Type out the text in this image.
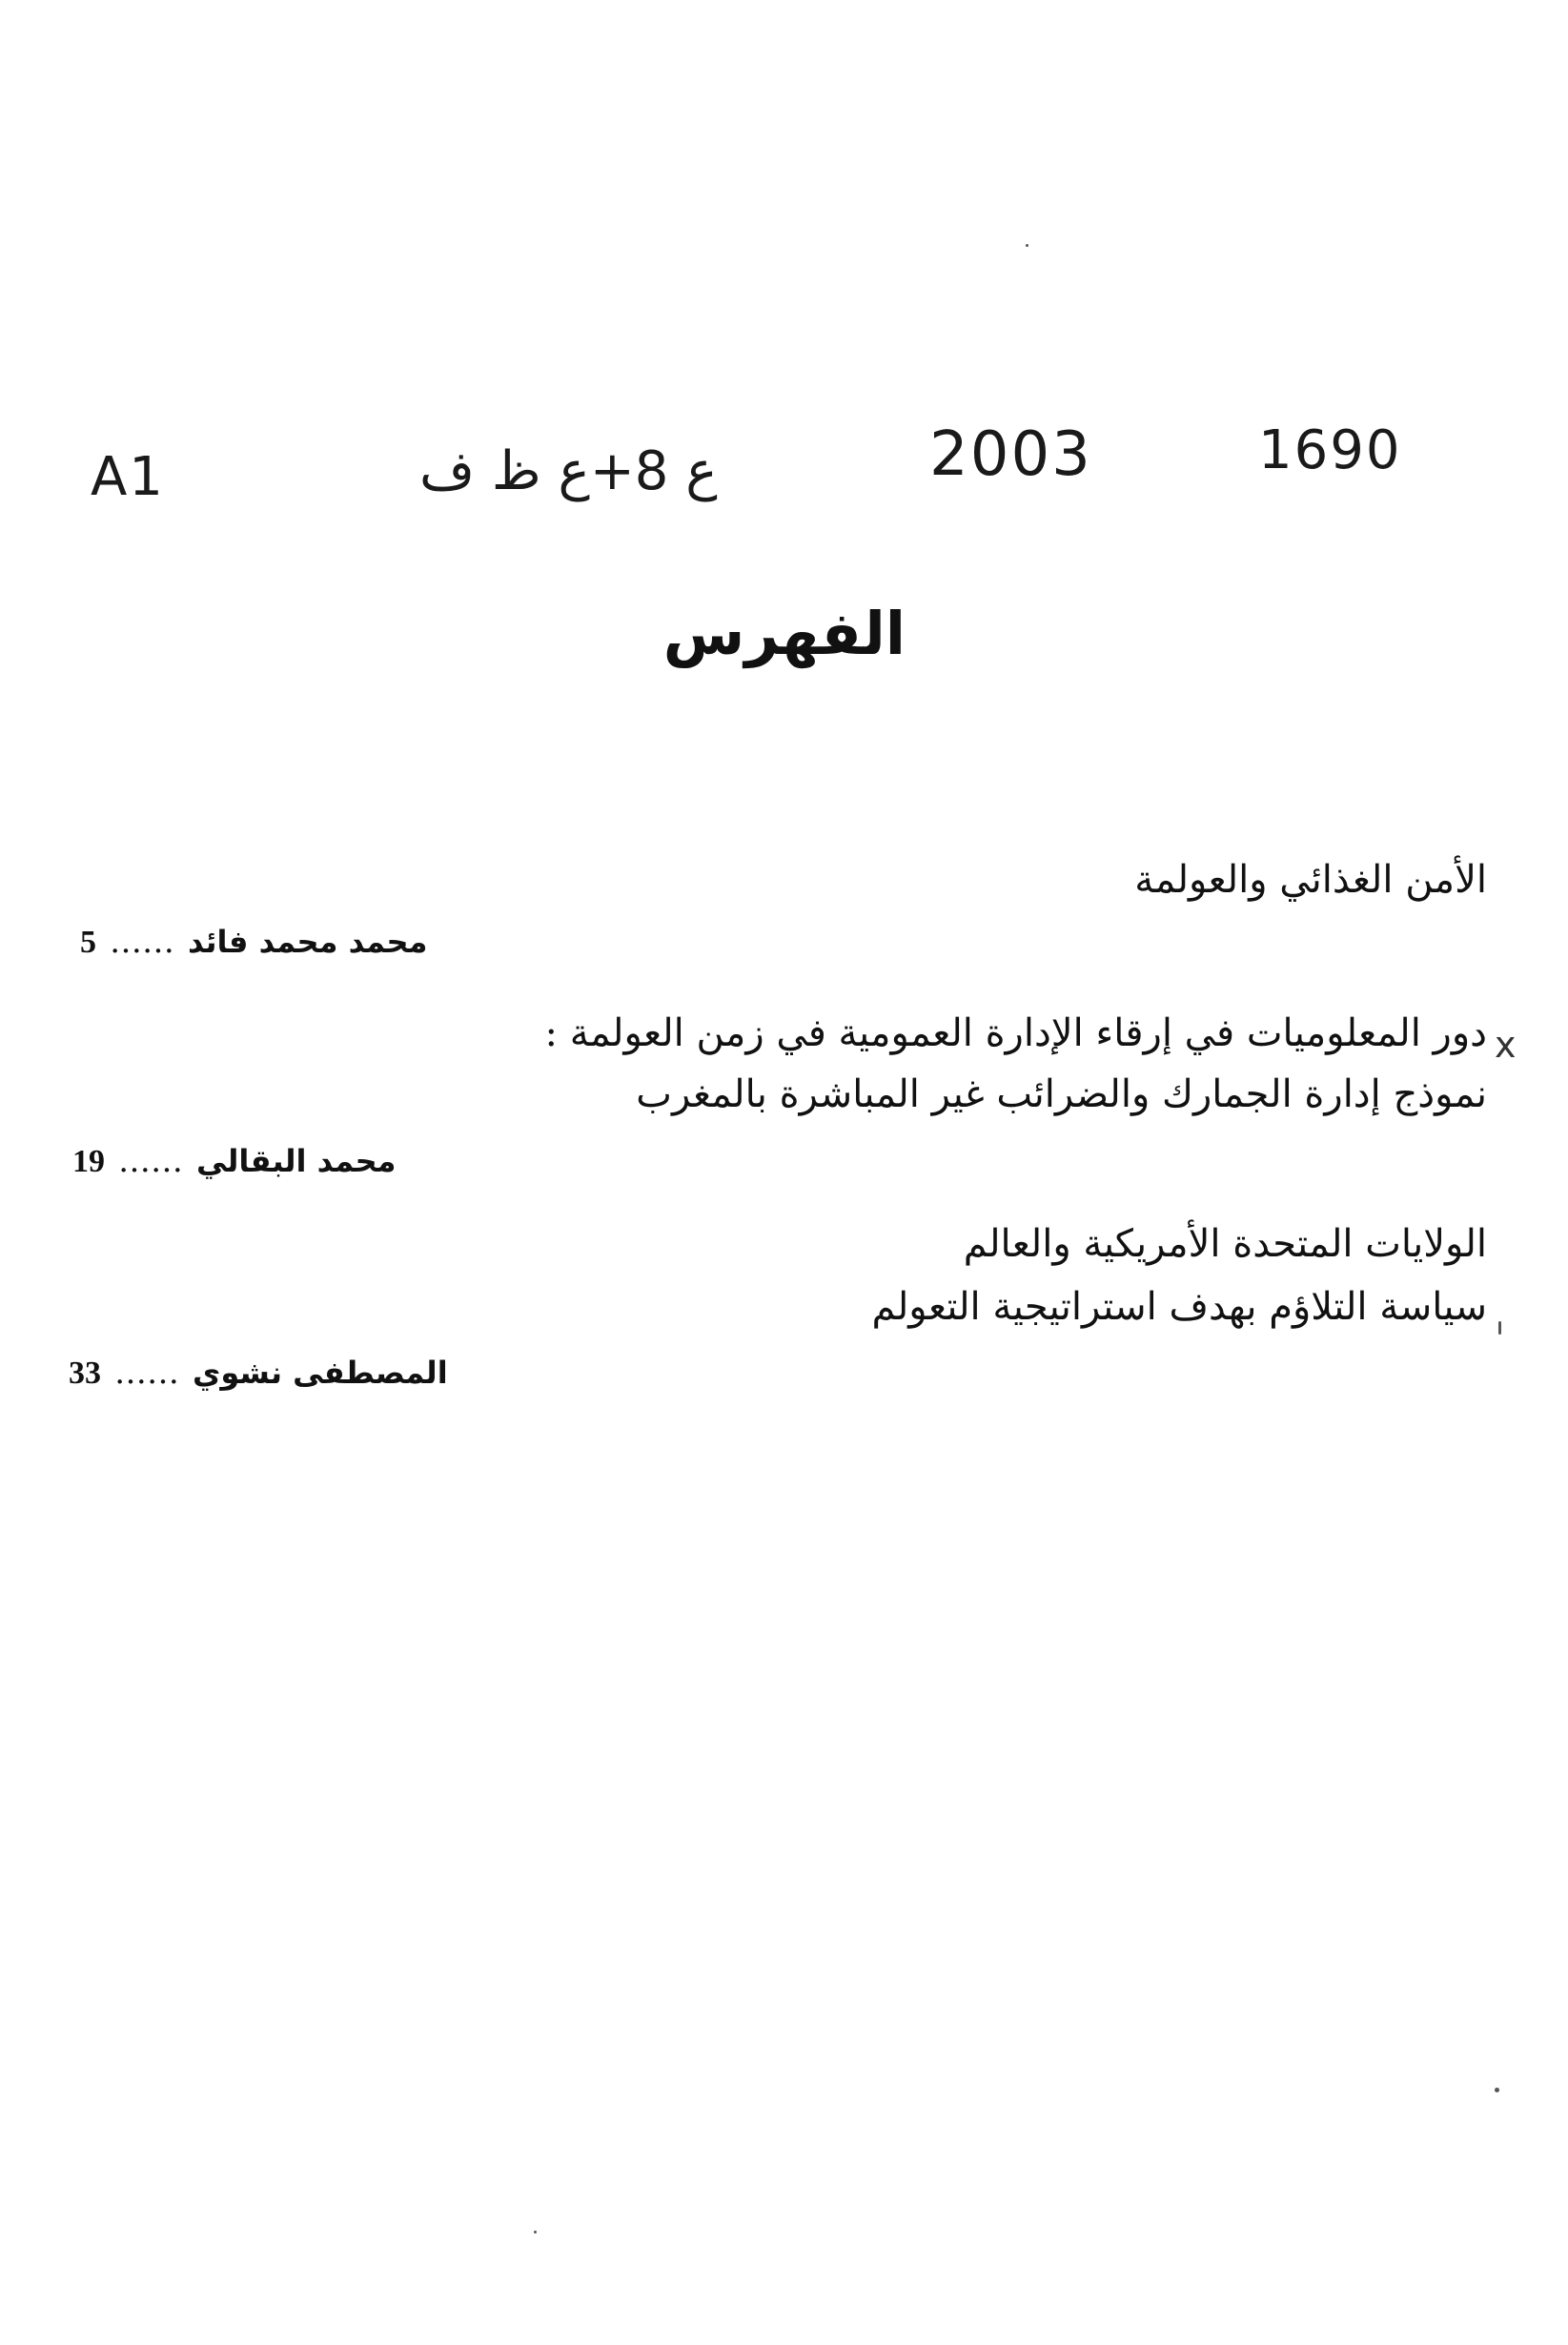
A1	ع 8+ع ظ ف	2003	1690
الفهرس
الأمن الغذائي والعولمة
5 …… محمد محمد فائد
x
دور المعلوميات في إرقاء الإدارة العمومية في زمن العولمة :
نموذج إدارة الجمارك والضرائب غير المباشرة بالمغرب
19 …… محمد البقالي
الولايات المتحدة الأمريكية والعالم
سياسة التلاؤم بهدف استراتيجية التعولم
33 …… المصطفى نشوي
